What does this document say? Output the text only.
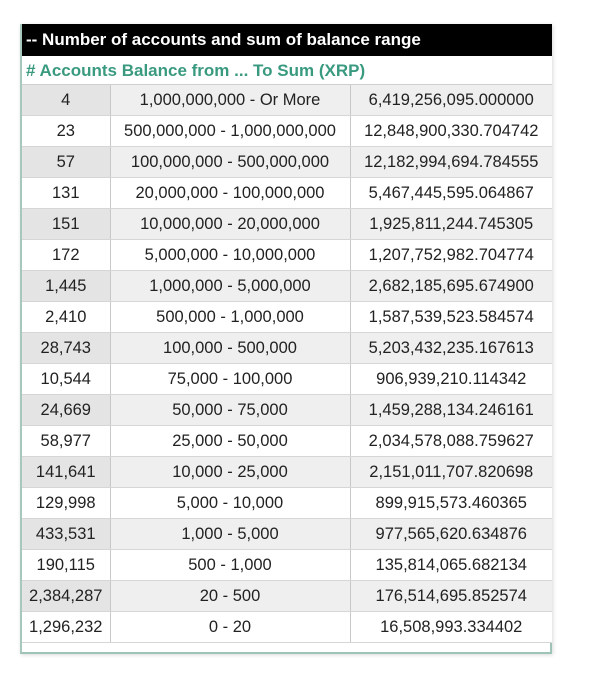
-- Number of accounts and sum of balance range
# Accounts Balance from ... To Sum (XRP)
4	1,000,000,000 - Or More	6,419,256,095.000000
23	500,000,000 - 1,000,000,000	12,848,900,330.704742
57	100,000,000 - 500,000,000	12,182,994,694.784555
131	20,000,000 - 100,000,000	5,467,445,595.064867
151	10,000,000 - 20,000,000	1,925,811,244.745305
172	5,000,000 - 10,000,000	1,207,752,982.704774
1,445	1,000,000 - 5,000,000	2,682,185,695.674900
2,410	500,000 - 1,000,000	1,587,539,523.584574
28,743	100,000 - 500,000	5,203,432,235.167613
10,544	75,000 - 100,000	906,939,210.114342
24,669	50,000 - 75,000	1,459,288,134.246161
58,977	25,000 - 50,000	2,034,578,088.759627
141,641	10,000 - 25,000	2,151,011,707.820698
129,998	5,000 - 10,000	899,915,573.460365
433,531	1,000 - 5,000	977,565,620.634876
190,115	500 - 1,000	135,814,065.682134
2,384,287	20 - 500	176,514,695.852574
1,296,232	0 - 20	16,508,993.334402
